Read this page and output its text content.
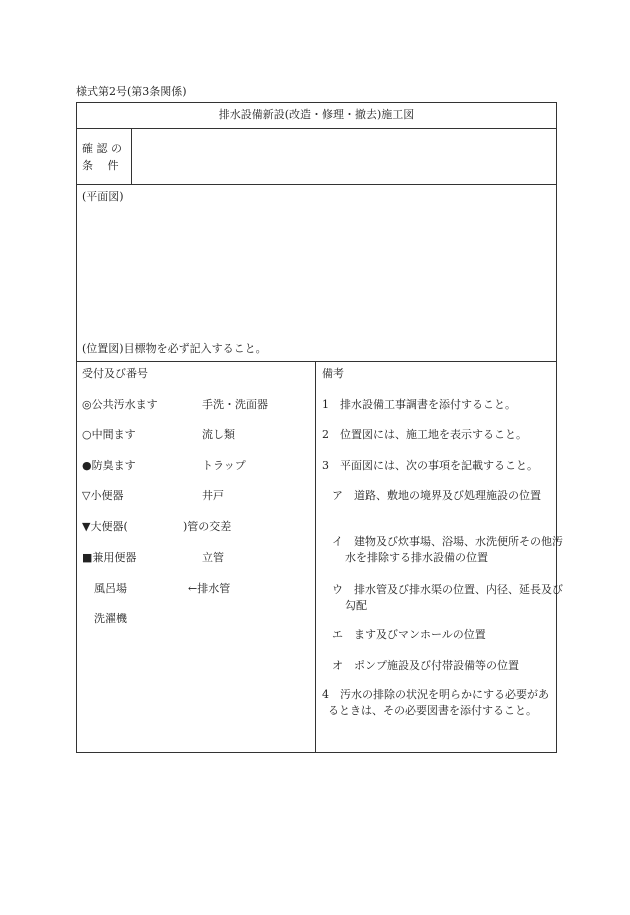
様式第2号(第3条関係)
排水設備新設(改造・修理・撤去)施工図
確 認 の
条　 件
(平面図)
(位置図)目標物を必ず記入すること。
受付及び番号
◎公共汚水ます	手洗・洗面器
○中間ます	流し類
●防臭ます	トラップ
▽小便器	井戸
▼大便器(	)管の交差
■兼用便器	立管
風呂場	←排水管
洗濯機
備考
1　排水設備工事調書を添付すること。
2　位置図には、施工地を表示すること。
3　平面図には、次の事項を記載すること。
ア　道路、敷地の境界及び処理施設の位置
イ　建物及び炊事場、浴場、水洗便所その他汚水を排除する排水設備の位置
ウ　排水管及び排水渠の位置、内径、延長及び勾配
エ　ます及びマンホールの位置
オ　ポンプ施設及び付帯設備等の位置
4　汚水の排除の状況を明らかにする必要があるときは、その必要図書を添付すること。
